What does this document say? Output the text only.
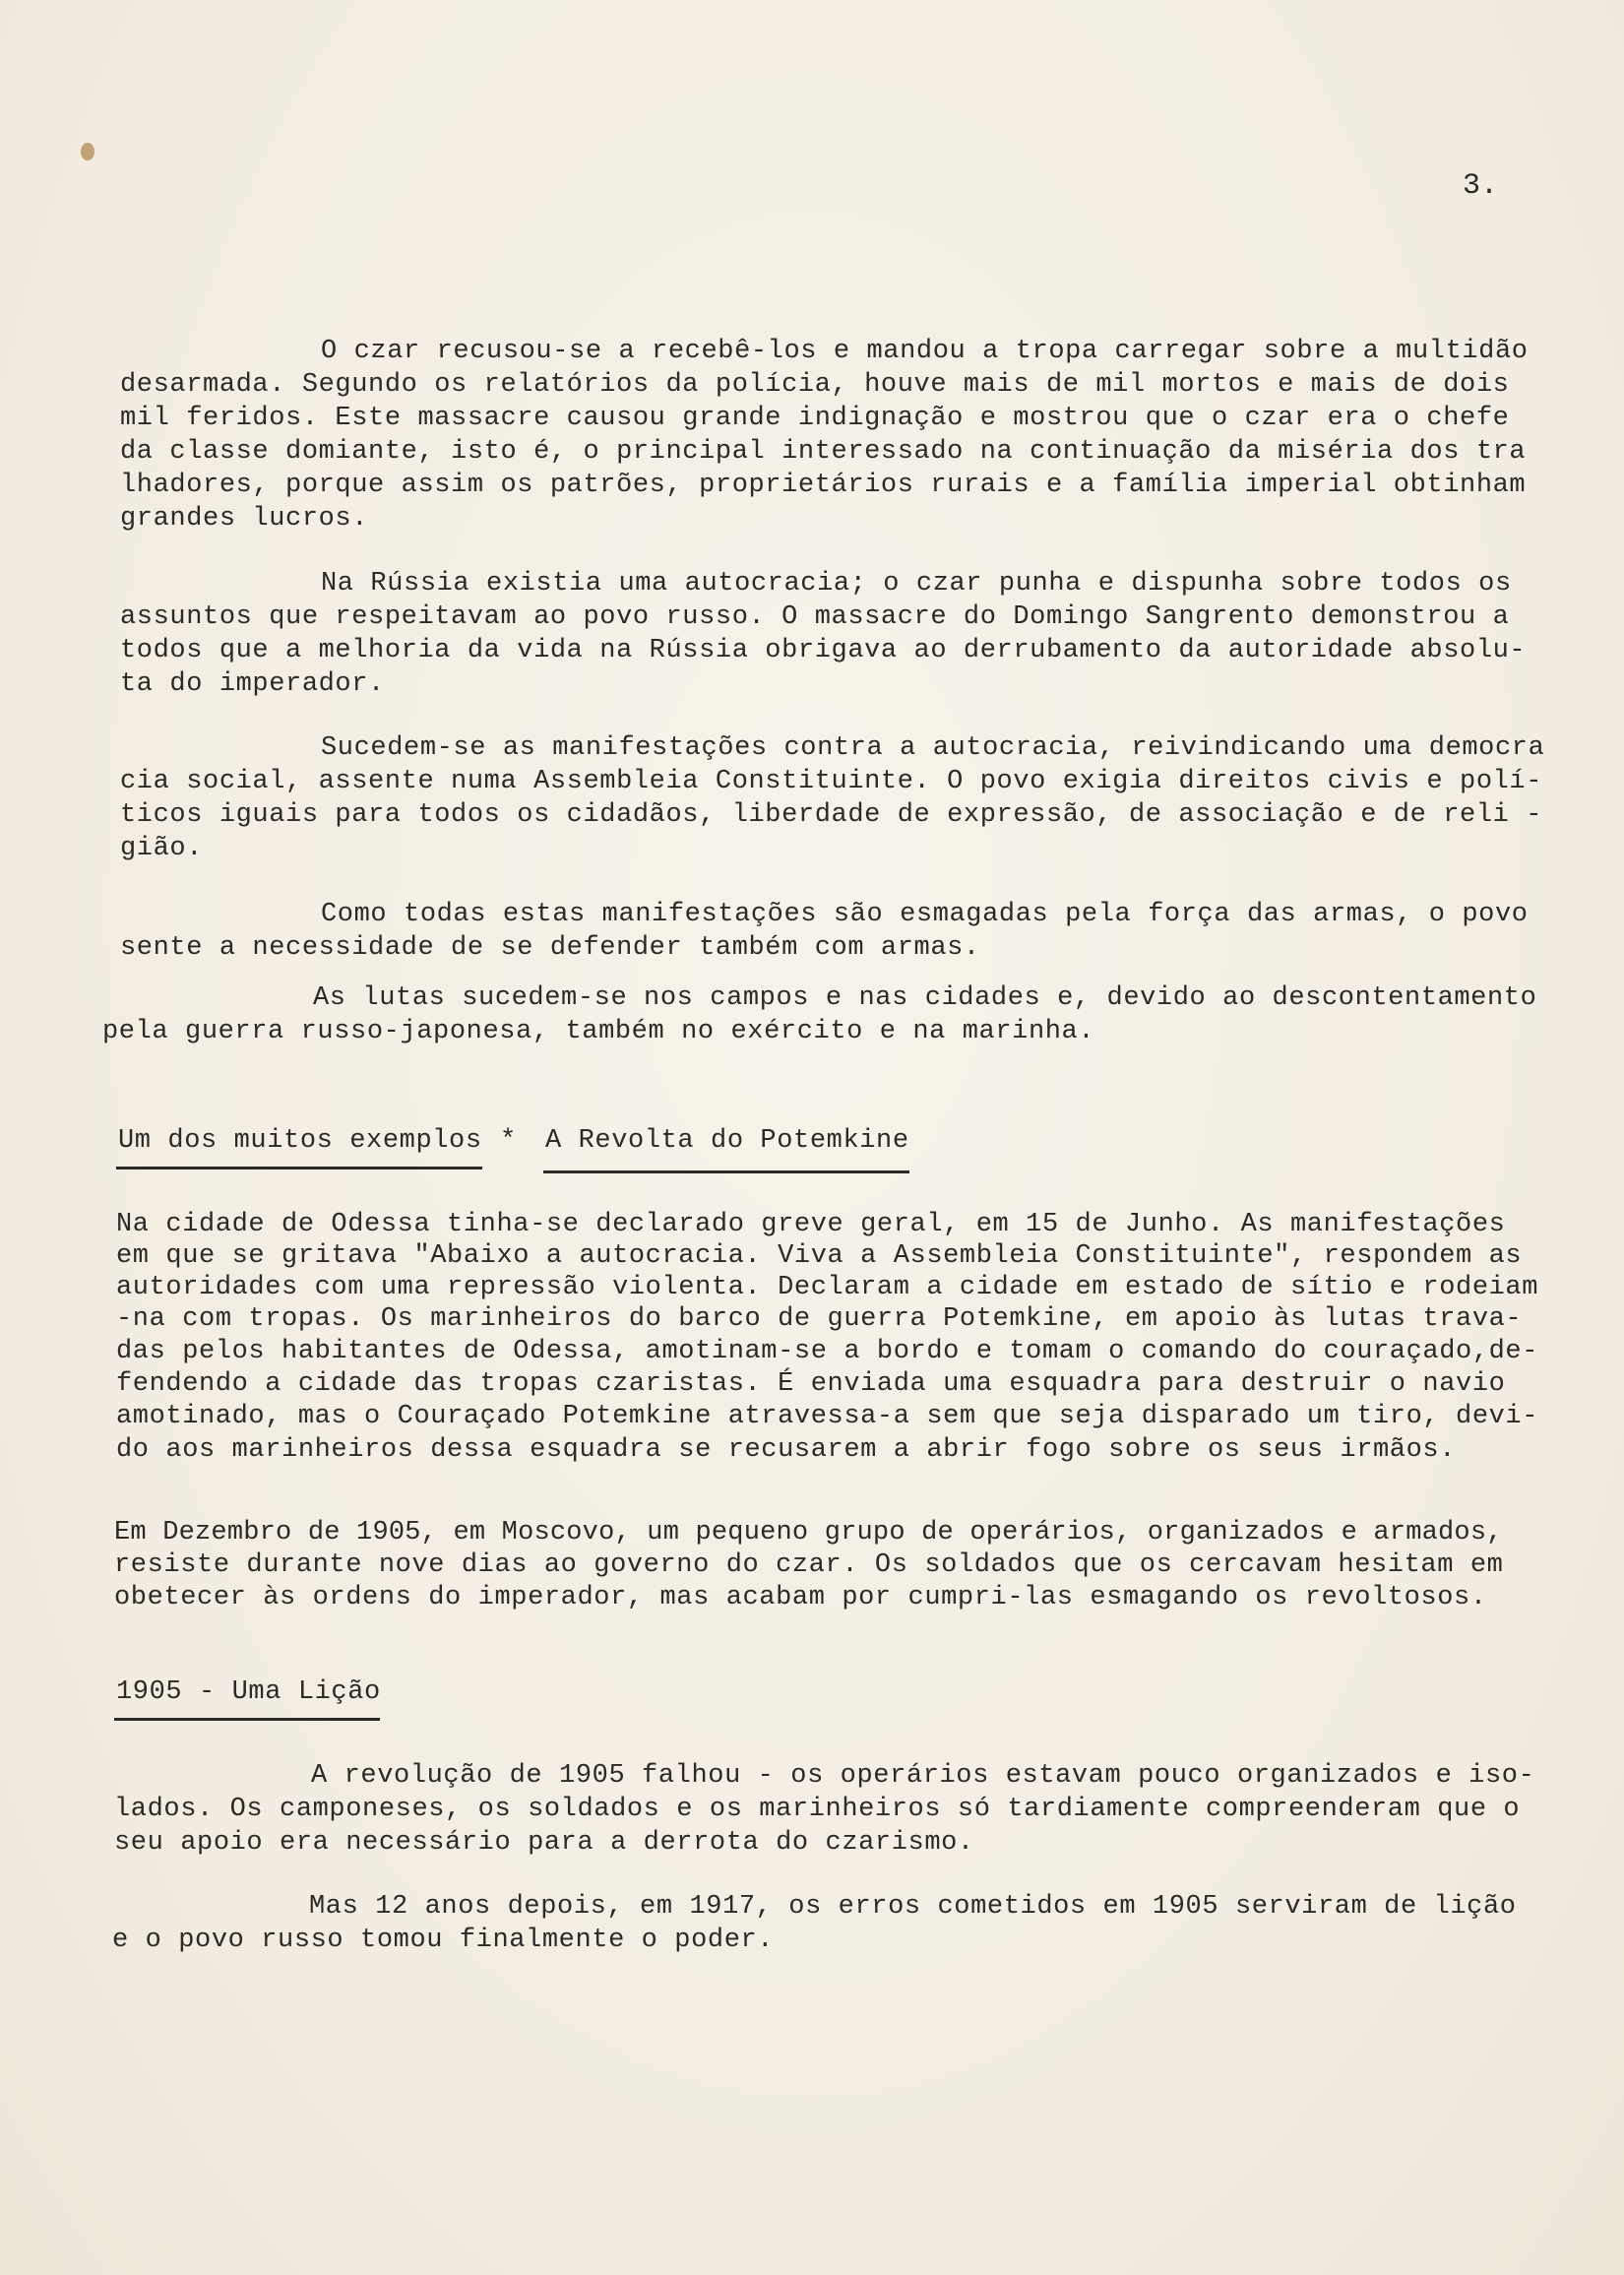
3.
O czar recusou-se a recebê-los e mandou a tropa carregar sobre a multidão
desarmada. Segundo os relatórios da polícia, houve mais de mil mortos e mais de dois
mil feridos. Este massacre causou grande indignação e mostrou que o czar era o chefe
da classe domiante, isto é, o principal interessado na continuação da miséria dos tra
lhadores, porque assim os patrões, proprietários rurais e a família imperial obtinham
grandes lucros.
Na Rússia existia uma autocracia; o czar punha e dispunha sobre todos os
assuntos que respeitavam ao povo russo. O massacre do Domingo Sangrento demonstrou a
todos que a melhoria da vida na Rússia obrigava ao derrubamento da autoridade absolu-
ta do imperador.
Sucedem-se as manifestações contra a autocracia, reivindicando uma democra
cia social, assente numa Assembleia Constituinte. O povo exigia direitos civis e polí-
ticos iguais para todos os cidadãos, liberdade de expressão, de associação e de reli -
gião.
Como todas estas manifestações são esmagadas pela força das armas, o povo
sente a necessidade de se defender também com armas.
As lutas sucedem-se nos campos e nas cidades e, devido ao descontentamento
pela guerra russo-japonesa, também no exército e na marinha.
Um dos muitos exemplos * A Revolta do Potemkine
Na cidade de Odessa tinha-se declarado greve geral, em 15 de Junho. As manifestações
em que se gritava "Abaixo a autocracia. Viva a Assembleia Constituinte", respondem as
autoridades com uma repressão violenta. Declaram a cidade em estado de sítio e rodeiam
-na com tropas. Os marinheiros do barco de guerra Potemkine, em apoio às lutas trava-
das pelos habitantes de Odessa, amotinam-se a bordo e tomam o comando do couraçado,de-
fendendo a cidade das tropas czaristas. É enviada uma esquadra para destruir o navio
amotinado, mas o Couraçado Potemkine atravessa-a sem que seja disparado um tiro, devi-
do aos marinheiros dessa esquadra se recusarem a abrir fogo sobre os seus irmãos.
Em Dezembro de 1905, em Moscovo, um pequeno grupo de operários, organizados e armados,
resiste durante nove dias ao governo do czar. Os soldados que os cercavam hesitam em
obetecer às ordens do imperador, mas acabam por cumpri-las esmagando os revoltosos.
1905 - Uma Lição
A revolução de 1905 falhou - os operários estavam pouco organizados e iso-
lados. Os camponeses, os soldados e os marinheiros só tardiamente compreenderam que o
seu apoio era necessário para a derrota do czarismo.
Mas 12 anos depois, em 1917, os erros cometidos em 1905 serviram de lição
e o povo russo tomou finalmente o poder.
